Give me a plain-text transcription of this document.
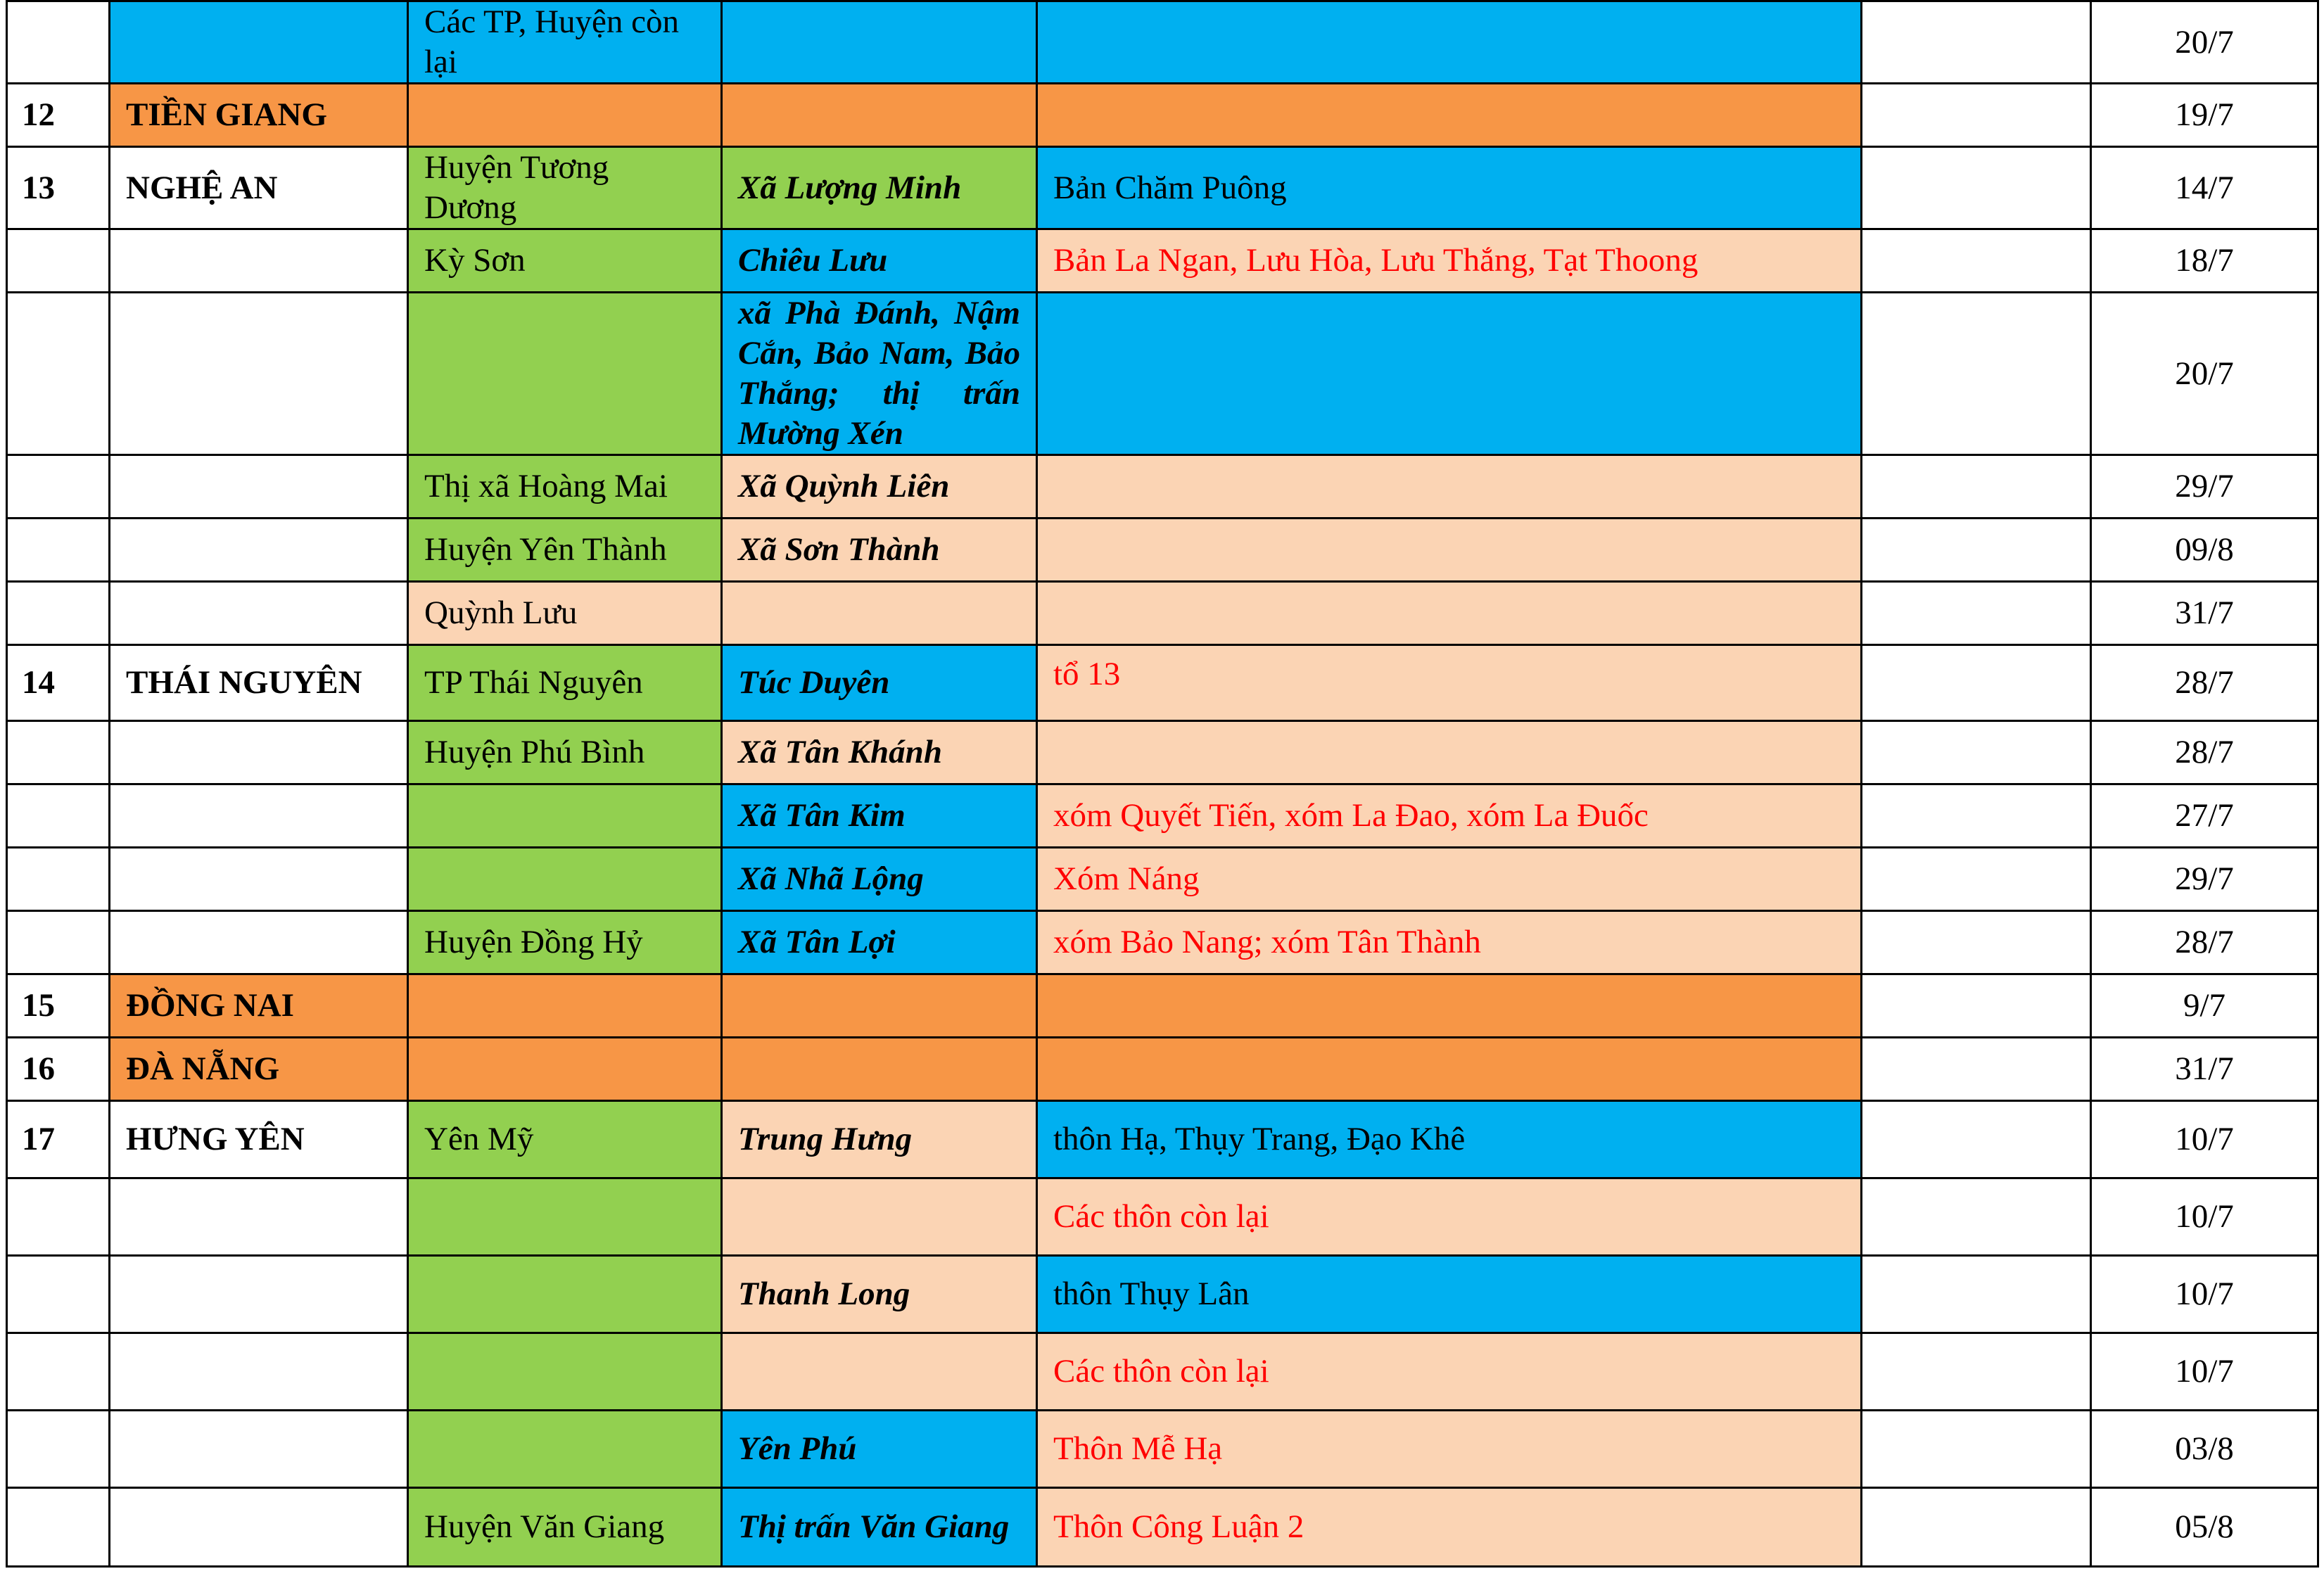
		Các TP, Huyện còn lại				20/7
12	TIỀN GIANG					19/7
13	NGHỆ AN	Huyện Tương Dương	Xã Lượng Minh	Bản Chăm Puông		14/7
		Kỳ Sơn	Chiêu Lưu	Bản La Ngan, Lưu Hòa, Lưu Thắng, Tạt Thoong		18/7
			xã Phà Đánh, Nậm Cắn, Bảo Nam, Bảo Thắng; thị trấn Mường Xén			20/7
		Thị xã Hoàng Mai	Xã Quỳnh Liên			29/7
		Huyện Yên Thành	Xã Sơn Thành			09/8
		Quỳnh Lưu				31/7
14	THÁI NGUYÊN	TP Thái Nguyên	Túc Duyên	tổ 13		28/7
		Huyện Phú Bình	Xã Tân Khánh			28/7
			Xã Tân Kim	xóm Quyết Tiến, xóm La Đao, xóm La Đuốc		27/7
			Xã Nhã Lộng	Xóm Náng		29/7
		Huyện Đồng Hỷ	Xã Tân Lợi	xóm Bảo Nang; xóm Tân Thành		28/7
15	ĐỒNG NAI					9/7
16	ĐÀ NẴNG					31/7
17	HƯNG YÊN	Yên Mỹ	Trung Hưng	thôn Hạ, Thụy Trang, Đạo Khê		10/7
				Các thôn còn lại		10/7
			Thanh Long	thôn Thụy Lân		10/7
				Các thôn còn lại		10/7
			Yên Phú	Thôn Mễ Hạ		03/8
		Huyện Văn Giang	Thị trấn Văn Giang	Thôn Công Luận 2		05/8
